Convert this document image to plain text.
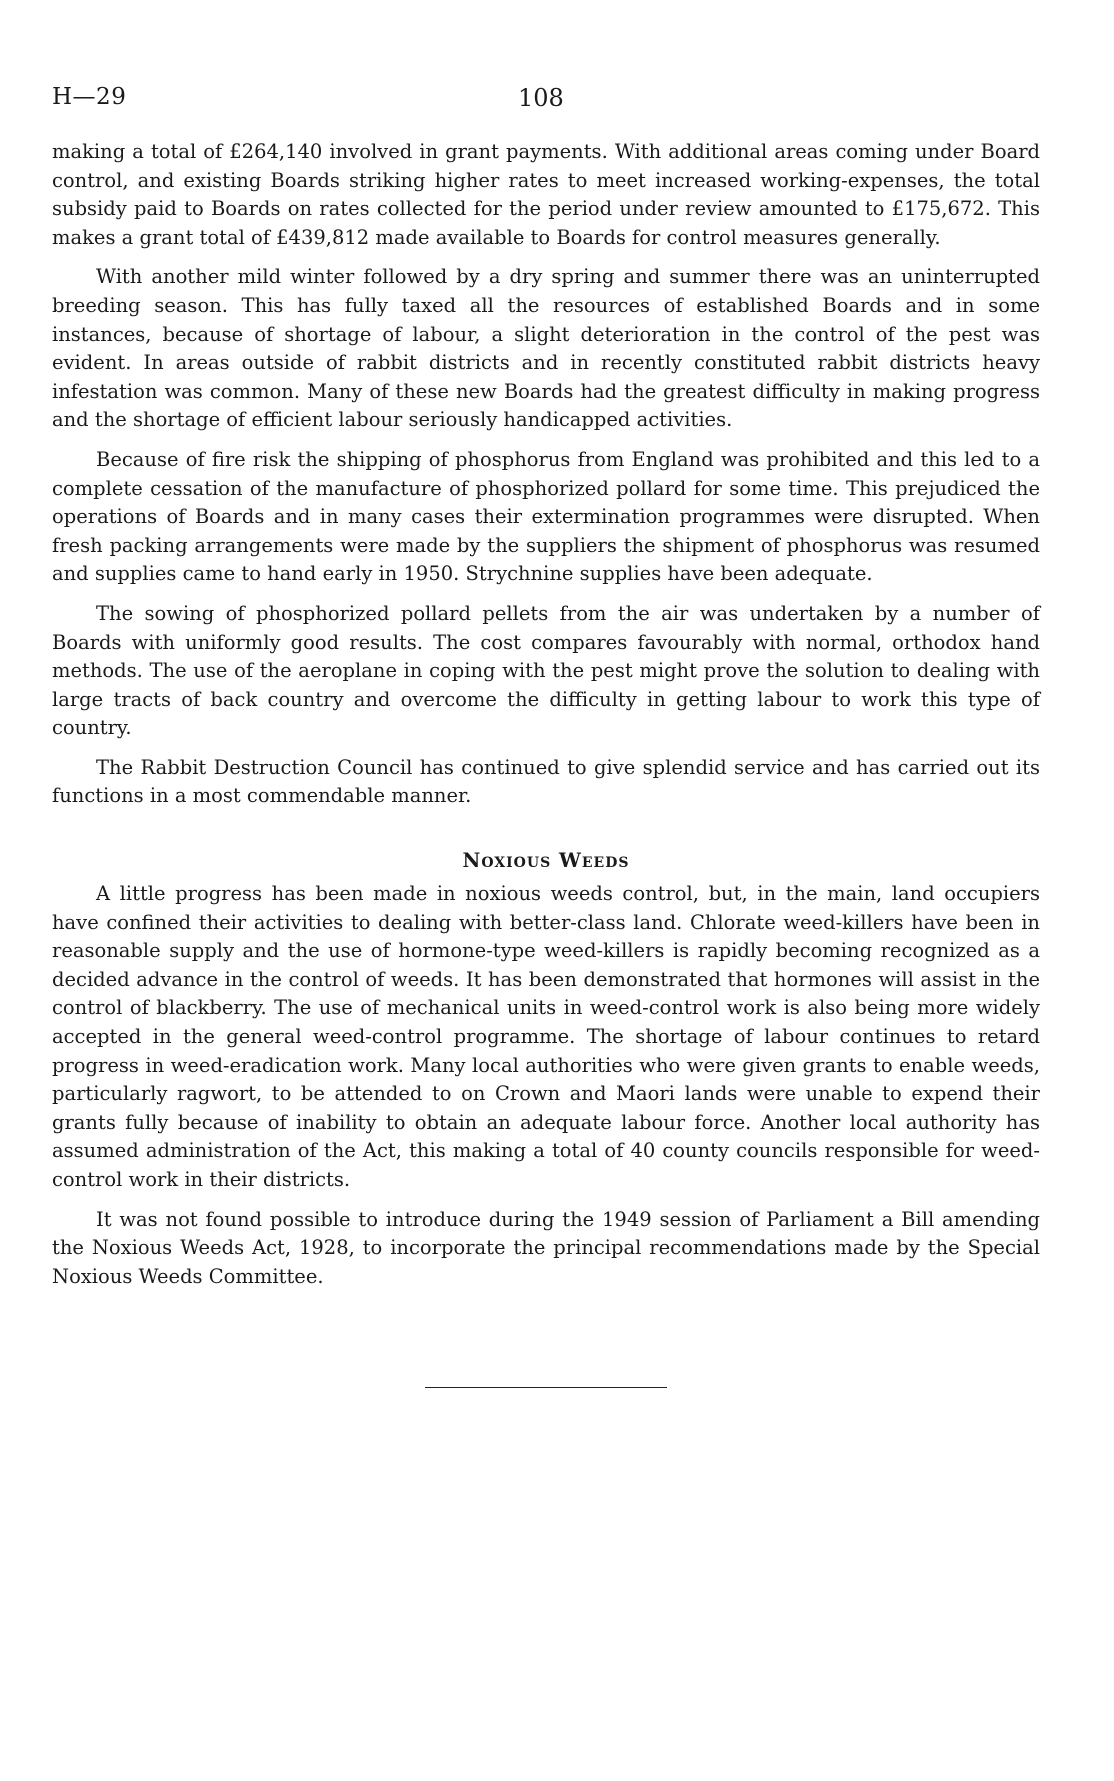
H—29	108

making a total of £264,140 involved in grant payments. With additional areas coming under Board control, and existing Boards striking higher rates to meet increased working-expenses, the total subsidy paid to Boards on rates collected for the period under review amounted to £175,672. This makes a grant total of £439,812 made available to Boards for control measures generally.

With another mild winter followed by a dry spring and summer there was an uninterrupted breeding season. This has fully taxed all the resources of established Boards and in some instances, because of shortage of labour, a slight deterioration in the control of the pest was evident. In areas outside of rabbit districts and in recently constituted rabbit districts heavy infestation was common. Many of these new Boards had the greatest difficulty in making progress and the shortage of efficient labour seriously handicapped activities.

Because of fire risk the shipping of phosphorus from England was prohibited and this led to a complete cessation of the manufacture of phosphorized pollard for some time. This prejudiced the operations of Boards and in many cases their extermination programmes were disrupted. When fresh packing arrangements were made by the suppliers the shipment of phosphorus was resumed and supplies came to hand early in 1950. Strychnine supplies have been adequate.

The sowing of phosphorized pollard pellets from the air was undertaken by a number of Boards with uniformly good results. The cost compares favourably with normal, orthodox hand methods. The use of the aeroplane in coping with the pest might prove the solution to dealing with large tracts of back country and overcome the difficulty in getting labour to work this type of country.

The Rabbit Destruction Council has continued to give splendid service and has carried out its functions in a most commendable manner.

Noxious Weeds

A little progress has been made in noxious weeds control, but, in the main, land occupiers have confined their activities to dealing with better-class land. Chlorate weed-killers have been in reasonable supply and the use of hormone-type weed-killers is rapidly becoming recognized as a decided advance in the control of weeds. It has been demonstrated that hormones will assist in the control of blackberry. The use of mechanical units in weed-control work is also being more widely accepted in the general weed-control programme. The shortage of labour continues to retard progress in weed-eradication work. Many local authorities who were given grants to enable weeds, particularly ragwort, to be attended to on Crown and Maori lands were unable to expend their grants fully because of inability to obtain an adequate labour force. Another local authority has assumed administration of the Act, this making a total of 40 county councils responsible for weed-control work in their districts.

It was not found possible to introduce during the 1949 session of Parliament a Bill amending the Noxious Weeds Act, 1928, to incorporate the principal recommendations made by the Special Noxious Weeds Committee.
